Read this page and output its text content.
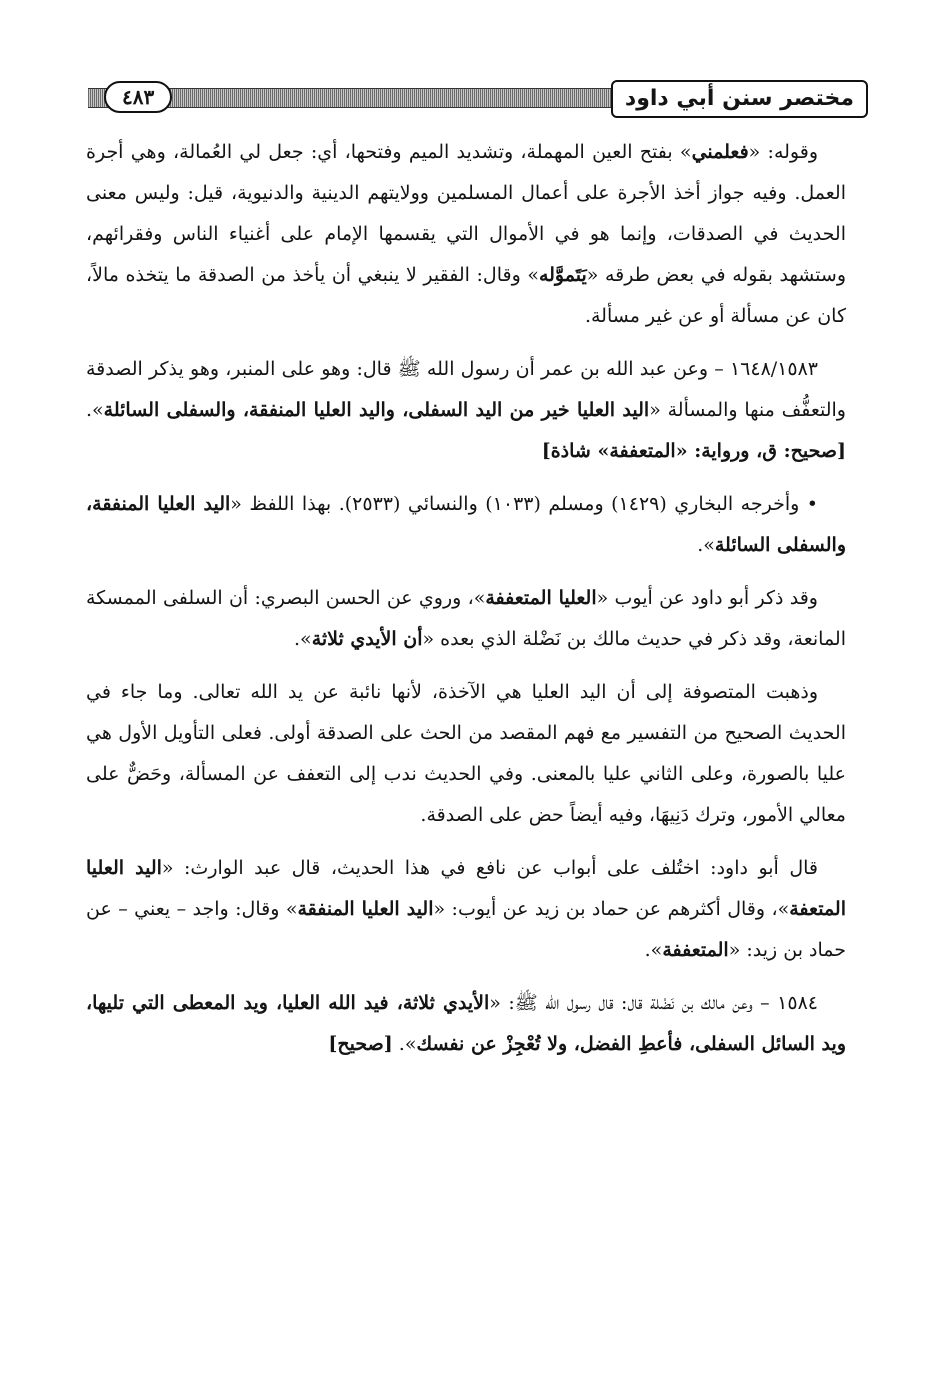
مختصر سنن أبي داود
٤٨٣

وقوله: «فعلمني» بفتح العين المهملة، وتشديد الميم وفتحها، أي: جعل لي العُمالة، وهي أجرة العمل. وفيه جواز أخذ الأجرة على أعمال المسلمين وولايتهم الدينية والدنيوية، قيل: وليس معنى الحديث في الصدقات، وإنما هو في الأموال التي يقسمها الإمام على أغنياء الناس وفقرائهم، وستشهد بقوله في بعض طرقه «يَتَموَّله» وقال: الفقير لا ينبغي أن يأخذ من الصدقة ما يتخذه مالاً، كان عن مسألة أو عن غير مسألة.

١٦٤٨/١٥٨٣ – وعن عبد الله بن عمر أن رسول الله ﷺ قال: وهو على المنبر، وهو يذكر الصدقة والتعفُّف منها والمسألة «اليد العليا خير من اليد السفلى، واليد العليا المنفقة، والسفلى السائلة». [صحيح: ق، ورواية: «المتعففة» شاذة]

• وأخرجه البخاري (١٤٢٩) ومسلم (١٠٣٣) والنسائي (٢٥٣٣). بهذا اللفظ «اليد العليا المنفقة، والسفلى السائلة».

وقد ذكر أبو داود عن أيوب «العليا المتعففة»، وروي عن الحسن البصري: أن السلفى الممسكة المانعة، وقد ذكر في حديث مالك بن نَضْلة الذي بعده «أن الأيدي ثلاثة».

وذهبت المتصوفة إلى أن اليد العليا هي الآخذة، لأنها نائبة عن يد الله تعالى. وما جاء في الحديث الصحيح من التفسير مع فهم المقصد من الحث على الصدقة أولى. فعلى التأويل الأول هي عليا بالصورة، وعلى الثاني عليا بالمعنى. وفي الحديث ندب إلى التعفف عن المسألة، وحَضٌّ على معالي الأمور، وترك دَنِيهَا، وفيه أيضاً حض على الصدقة.

قال أبو داود: اختُلف على أبواب عن نافع في هذا الحديث، قال عبد الوارث: «اليد العليا المتعفة»، وقال أكثرهم عن حماد بن زيد عن أيوب: «اليد العليا المنفقة» وقال: واجد – يعني – عن حماد بن زيد: «المتعففة».

١٥٨٤ – وعن مالك بن نَضْلة قال: قال رسول الله ﷺ: «الأيدي ثلاثة، فيد الله العليا، ويد المعطى التي تليها، ويد السائل السفلى، فأعطِ الفضل، ولا تُعْجِزْ عن نفسك». [صحيح]
